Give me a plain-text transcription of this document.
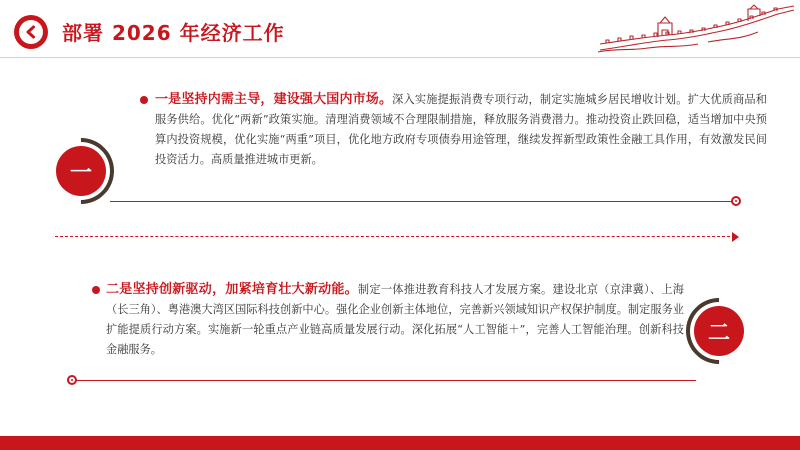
部署 2026 年经济工作
一是坚持内需主导，建设强大国内市场。深入实施提振消费专项行动，制定实施城乡居民增收计划。扩大优质商品和服务供给。优化“两新”政策实施。清理消费领域不合理限制措施，释放服务消费潜力。推动投资止跌回稳，适当增加中央预算内投资规模，优化实施“两重”项目，优化地方政府专项债券用途管理，继续发挥新型政策性金融工具作用，有效激发民间投资活力。高质量推进城市更新。
一
二是坚持创新驱动，加紧培育壮大新动能。制定一体推进教育科技人才发展方案。建设北京（京津冀）、上海（长三角）、粤港澳大湾区国际科技创新中心。强化企业创新主体地位，完善新兴领域知识产权保护制度。制定服务业扩能提质行动方案。实施新一轮重点产业链高质量发展行动。深化拓展“人工智能＋”，完善人工智能治理。创新科技金融服务。
二
